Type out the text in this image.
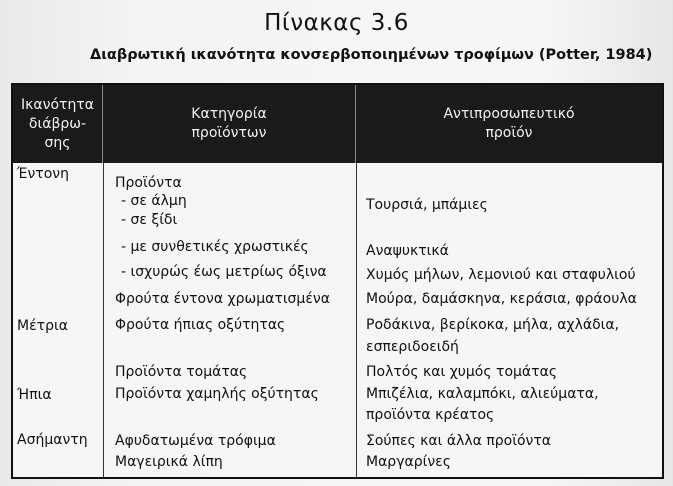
Πίνακας 3.6
Διαβρωτική ικανότητα κονσερβοποιημένων τροφίμων (Potter, 1984)
Ικανότητα
διάβρω-
σης
Κατηγορία
προϊόντων
Αντιπροσωπευτικό
προϊόν
Έντονη
Μέτρια
Ήπια
Ασήμαντη
Προϊόντα
- σε άλμη
- σε ξίδι
- με συνθετικές χρωστικές
- ισχυρώς έως μετρίως όξινα
Φρούτα έντονα χρωματισμένα
Φρούτα ήπιας οξύτητας
Προϊόντα τομάτας
Προϊόντα χαμηλής οξύτητας
Αφυδατωμένα τρόφιμα
Μαγειρικά λίπη
Τουρσιά, μπάμιες
Αναψυκτικά
Χυμός μήλων, λεμονιού και σταφυλιού
Μούρα, δαμάσκηνα, κεράσια, φράουλα
Ροδάκινα, βερίκοκα, μήλα, αχλάδια,
εσπεριδοειδή
Πολτός και χυμός τομάτας
Μπιζέλια, καλαμπόκι, αλιεύματα,
προϊόντα κρέατος
Σούπες και άλλα προϊόντα
Μαργαρίνες
